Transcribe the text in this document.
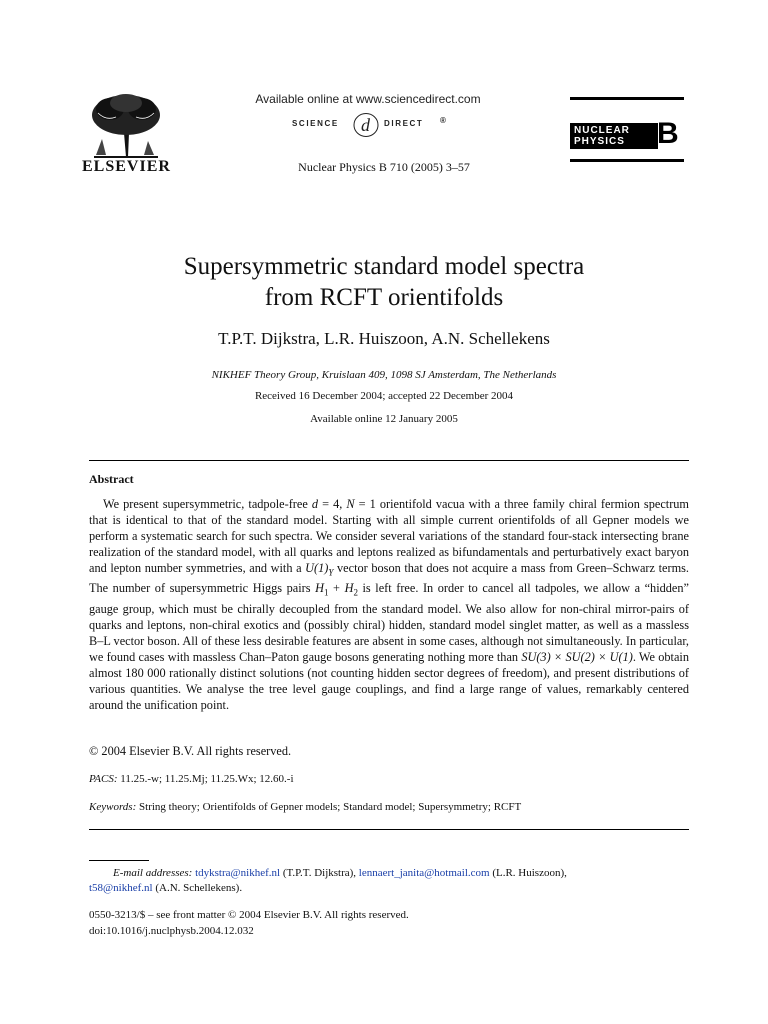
ELSEVIER
Available online at www.sciencedirect.com
SCIENCE d DIRECT ®
Nuclear Physics B 710 (2005) 3–57
NUCLEAR
PHYSICS	B
Supersymmetric standard model spectra
from RCFT orientifolds
T.P.T. Dijkstra, L.R. Huiszoon, A.N. Schellekens
NIKHEF Theory Group, Kruislaan 409, 1098 SJ Amsterdam, The Netherlands
Received 16 December 2004; accepted 22 December 2004
Available online 12 January 2005
Abstract

We present supersymmetric, tadpole-free d = 4, N = 1 orientifold vacua with a three family chiral fermion spectrum that is identical to that of the standard model. Starting with all simple current orientifolds of all Gepner models we perform a systematic search for such spectra. We consider several variations of the standard four-stack intersecting brane realization of the standard model, with all quarks and leptons realized as bifundamentals and perturbatively exact baryon and lepton number symmetries, and with a $U(1)_Y$ vector boson that does not acquire a mass from Green–Schwarz terms. The number of supersymmetric Higgs pairs $H_1 + H_2$ is left free. In order to cancel all tadpoles, we allow a “hidden” gauge group, which must be chirally decoupled from the standard model. We also allow for non-chiral mirror-pairs of quarks and leptons, non-chiral exotics and (possibly chiral) hidden, standard model singlet matter, as well as a massless B–L vector boson. All of these less desirable features are absent in some cases, although not simultaneously. In particular, we found cases with massless Chan–Paton gauge bosons generating nothing more than SU(3) × SU(2) × U(1). We obtain almost 180 000 rationally distinct solutions (not counting hidden sector degrees of freedom), and present distributions of various quantities. We analyse the tree level gauge couplings, and find a large range of values, remarkably centered around the unification point.

© 2004 Elsevier B.V. All rights reserved.
PACS: 11.25.-w; 11.25.Mj; 11.25.Wx; 12.60.-i
Keywords: String theory; Orientifolds of Gepner models; Standard model; Supersymmetry; RCFT
E-mail addresses: tdykstra@nikhef.nl (T.P.T. Dijkstra), lennaert_janita@hotmail.com (L.R. Huiszoon),
t58@nikhef.nl (A.N. Schellekens).
0550-3213/$ – see front matter © 2004 Elsevier B.V. All rights reserved.
doi:10.1016/j.nuclphysb.2004.12.032
